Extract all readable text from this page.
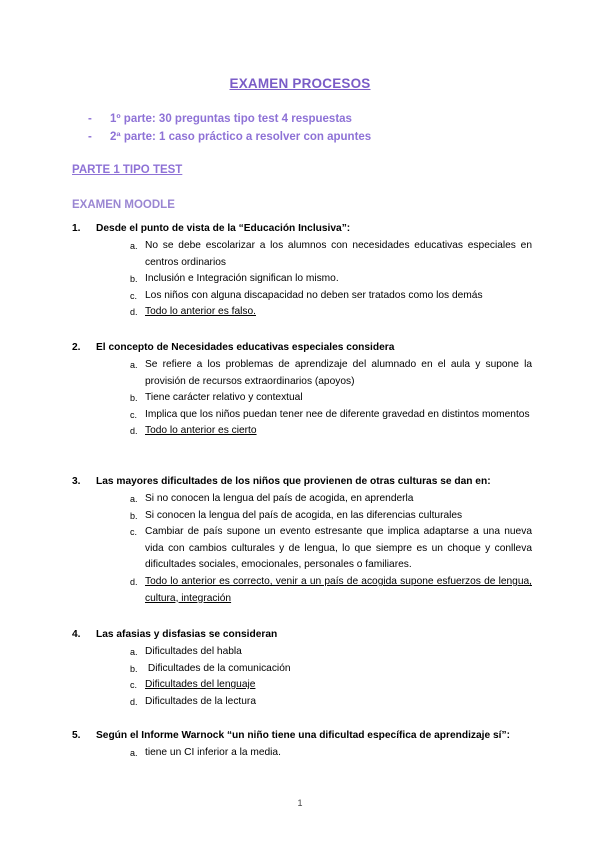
EXAMEN PROCESOS
- 1º parte: 30 preguntas tipo test 4 respuestas
- 2ª parte: 1 caso práctico a resolver con apuntes
PARTE 1 TIPO TEST
EXAMEN MOODLE
1.	Desde el punto de vista de la “Educación Inclusiva”:
a. No se debe escolarizar a los alumnos con necesidades educativas especiales en centros ordinarios
b. Inclusión e Integración significan lo mismo.
c. Los niños con alguna discapacidad no deben ser tratados como los demás
d. Todo lo anterior es falso.
2.	El concepto de Necesidades educativas especiales considera
a. Se refiere a los problemas de aprendizaje del alumnado en el aula y supone la provisión de recursos extraordinarios (apoyos)
b. Tiene carácter relativo y contextual
c. Implica que los niños puedan tener nee de diferente gravedad en distintos momentos
d. Todo lo anterior es cierto
3.	Las mayores dificultades de los niños que provienen de otras culturas se dan en:
a. Si no conocen la lengua del país de acogida, en aprenderla
b. Si conocen la lengua del país de acogida, en las diferencias culturales
c. Cambiar de país supone un evento estresante que implica adaptarse a una nueva vida con cambios culturales y de lengua, lo que siempre es un choque y conlleva dificultades sociales, emocionales, personales o familiares.
d. Todo lo anterior es correcto, venir a un país de acogida supone esfuerzos de lengua, cultura, integración
4.	Las afasias y disfasias se consideran
a. Dificultades del habla
b. Dificultades de la comunicación
c. Dificultades del lenguaje
d. Dificultades de la lectura
5.	Según el Informe Warnock “un niño tiene una dificultad específica de aprendizaje sí”:
a. tiene un CI inferior a la media.
1
